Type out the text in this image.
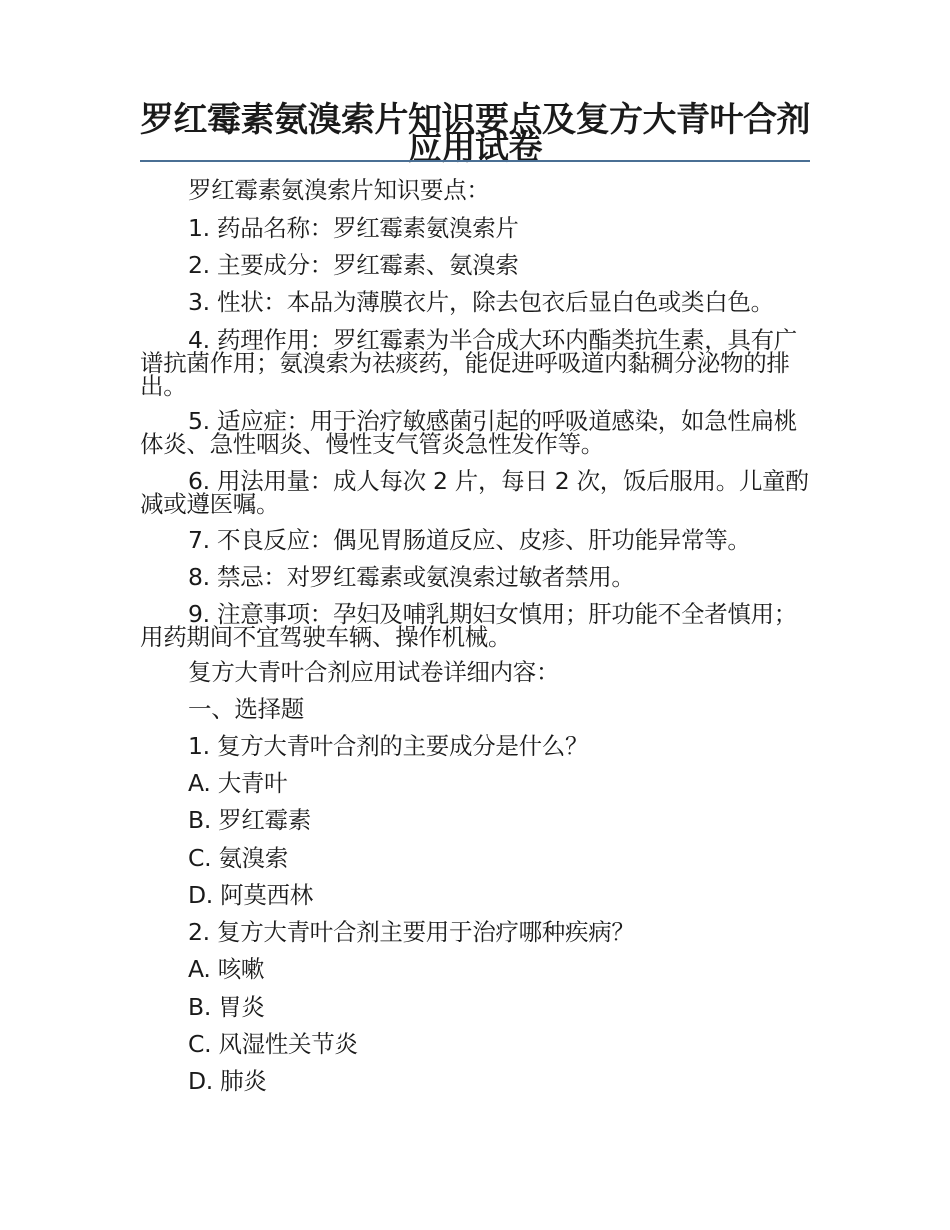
罗红霉素氨溴索片知识要点及复方大青叶合剂应用试卷

罗红霉素氨溴索片知识要点：

1. 药品名称：罗红霉素氨溴索片

2. 主要成分：罗红霉素、氨溴索

3. 性状：本品为薄膜衣片，除去包衣后显白色或类白色。

4. 药理作用：罗红霉素为半合成大环内酯类抗生素，具有广谱抗菌作用；氨溴索为祛痰药，能促进呼吸道内黏稠分泌物的排出。

5. 适应症：用于治疗敏感菌引起的呼吸道感染，如急性扁桃体炎、急性咽炎、慢性支气管炎急性发作等。

6. 用法用量：成人每次 2 片，每日 2 次，饭后服用。儿童酌减或遵医嘱。

7. 不良反应：偶见胃肠道反应、皮疹、肝功能异常等。

8. 禁忌：对罗红霉素或氨溴索过敏者禁用。

9. 注意事项：孕妇及哺乳期妇女慎用；肝功能不全者慎用；用药期间不宜驾驶车辆、操作机械。

复方大青叶合剂应用试卷详细内容：

一、选择题

1. 复方大青叶合剂的主要成分是什么？

A. 大青叶

B. 罗红霉素

C. 氨溴索

D. 阿莫西林

2. 复方大青叶合剂主要用于治疗哪种疾病？

A. 咳嗽

B. 胃炎

C. 风湿性关节炎

D. 肺炎
